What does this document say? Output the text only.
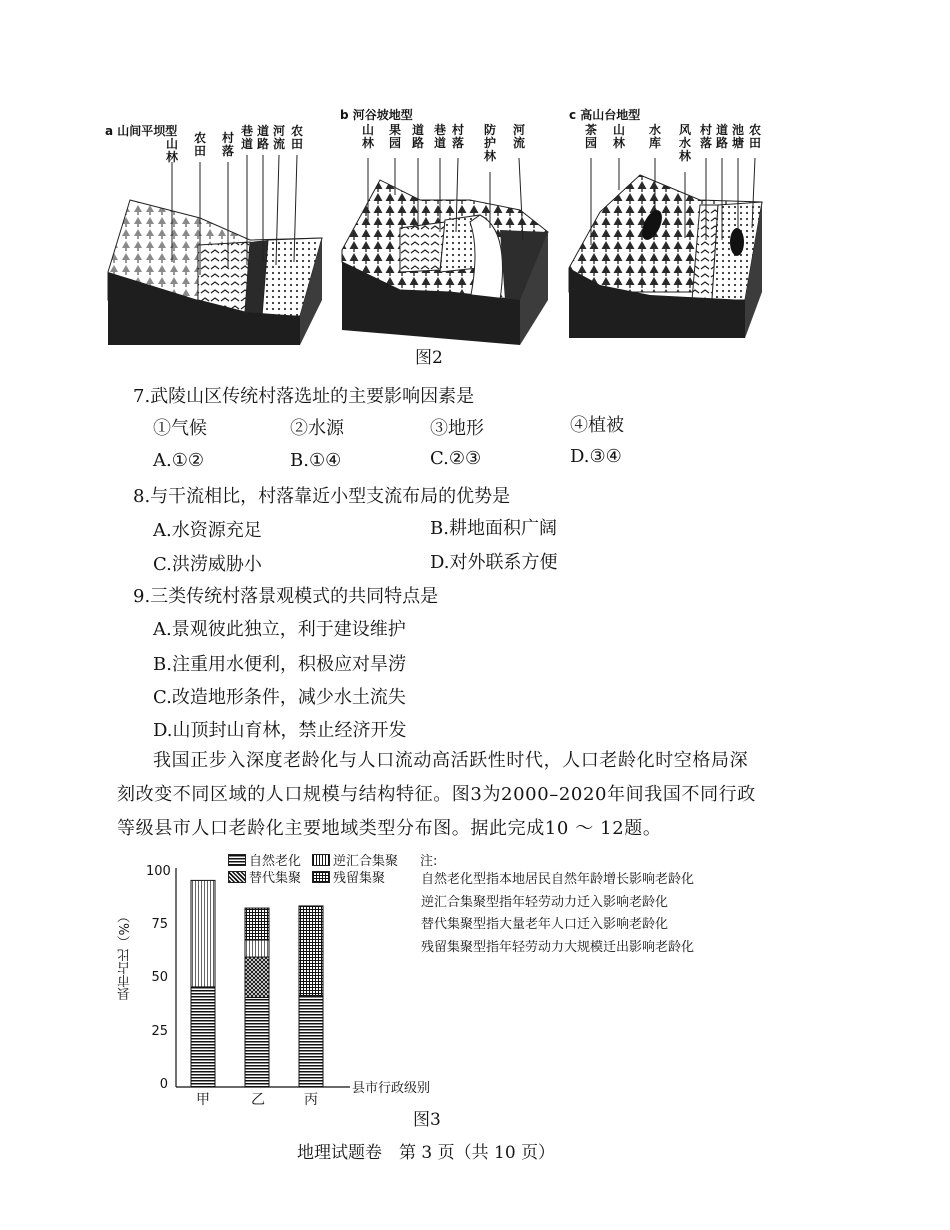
a 山间平坝型
b 河谷坡地型	c 高山台地型
山林
农田
村落
巷道
道路
河流
农田
山林
果园
道路
巷道
村落
防护林
河流
茶园
山林
水库
风水林
村落
道路
池塘
农田
图2
7.武陵山区传统村落选址的主要影响因素是
①气候	②水源	③地形	④植被
A.①②	B.①④	C.②③	D.③④
8.与干流相比，村落靠近小型支流布局的优势是
A.水资源充足	B.耕地面积广阔
C.洪涝威胁小	D.对外联系方便
9.三类传统村落景观模式的共同特点是
A.景观彼此独立，利于建设维护
B.注重用水便利，积极应对旱涝
C.改造地形条件，减少水土流失
D.山顶封山育林，禁止经济开发
我国正步入深度老龄化与人口流动高活跃性时代，人口老龄化时空格局深
刻改变不同区域的人口规模与结构特征。图3为2000–2020年间我国不同行政
等级县市人口老龄化主要地域类型分布图。据此完成10 ～ 12题。
自然老化 逆汇合集聚
替代集聚 残留集聚
县市占比（%）
100
75
50
25
0	县市行政级别
甲	乙	丙
图3
注:
自然老化型指本地居民自然年龄增长影响老龄化
逆汇合集聚型指年轻劳动力迁入影响老龄化
替代集聚型指大量老年人口迁入影响老龄化
残留集聚型指年轻劳动力大规模迁出影响老龄化
地理试题卷　第 3 页（共 10 页）
